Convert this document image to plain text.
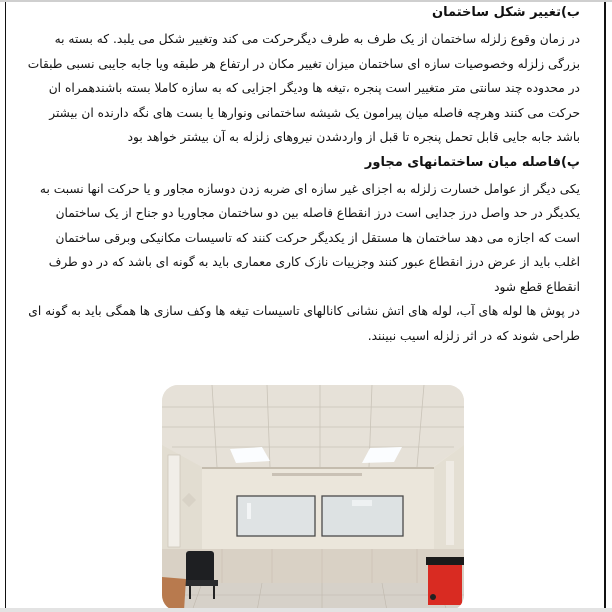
ب)تغییر شکل ساختمان

در زمان وقوع زلزله ساختمان از یک طرف به طرف دیگرحرکت می کند وتغییر شکل می یلبد. که بسته به
بزرگی زلزله وخصوصیات سازه ای ساختمان میزان تغییر مکان در ارتفاع هر طبقه ویا جابه جایبی نسبی طبقات
در محدوده چند سانتی متر متغییر است پنجره ،تیغه ها ودیگر اجزایی که به سازه کاملا بسته باشندهمراه ان
حرکت می کنند وهرچه فاصله میان پیرامون یک شیشه ساختمانی ونوارها یا بست های نگه دارنده ان بیشتر
باشد جابه جایی قابل تحمل پنجره تا قبل از واردشدن نیروهای زلزله به آن بیشتر خواهد بود

پ)فاصله میان ساختمانهای مجاور

یکی دیگر از عوامل خسارت زلزله به اجزای غیر سازه ای ضربه زدن دوسازه مجاور و یا حرکت انها نسبت به
یکدیگر در حد واصل درز جدایی است درز انقطاع فاصله بین دو ساختمان مجاوریا دو جناح از یک ساختمان
است که اجازه می دهد ساختمان ها مستقل از یکدیگر حرکت کنند که تاسیسات مکانیکی وبرقی ساختمان
اغلب باید از عرض درز انقطاع عبور کنند وجزییات نازک کاری معماری باید به گونه ای باشد که در دو طرف
انقطاع قطع شود

در پوش ها لوله های آب، لوله های اتش نشانی کانالهای تاسیسات تیغه ها وکف سازی ها همگی باید به گونه ای
طراحی شوند که در اثر زلزله اسیب نبینند.
